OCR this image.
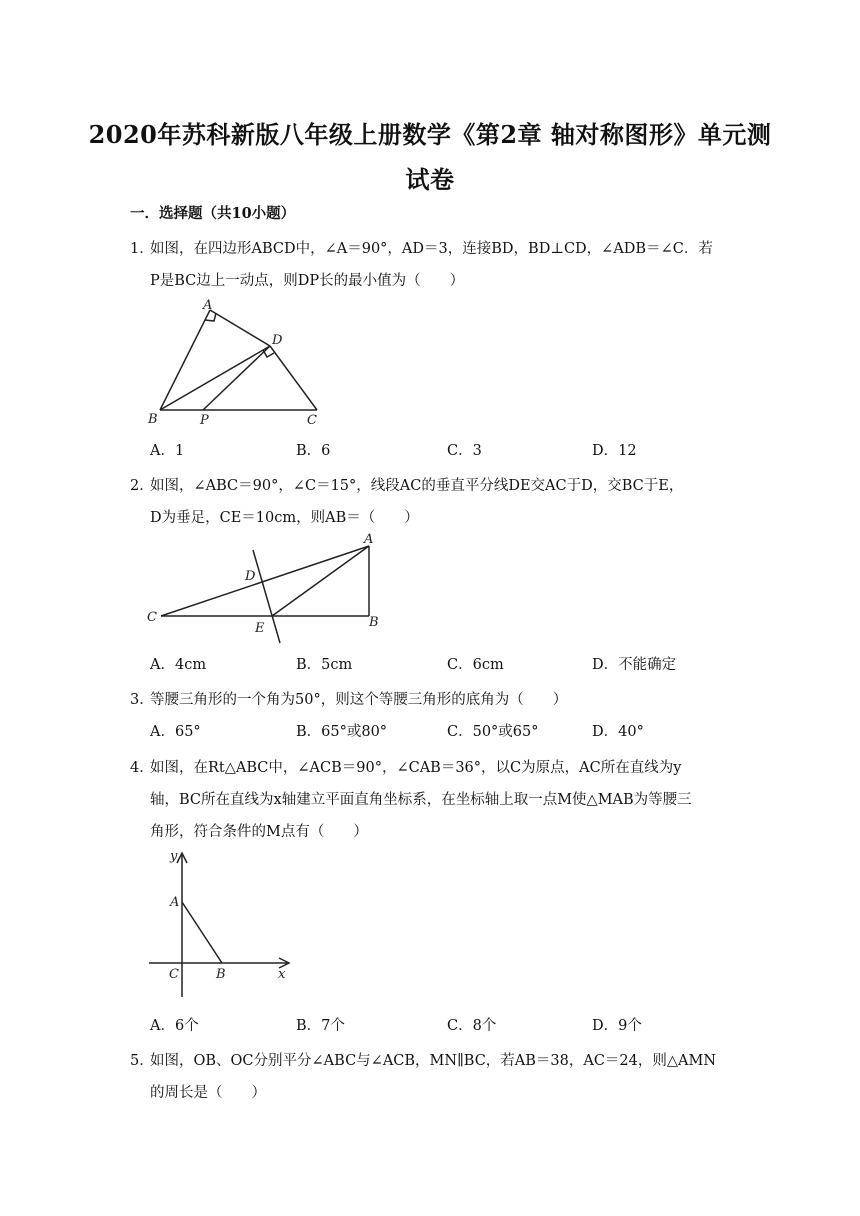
2020年苏科新版八年级上册数学《第2章 轴对称图形》单元测
试卷
一．选择题（共10小题）
1．
如图，在四边形ABCD中，∠A＝90°，AD＝3，连接BD，BD⊥CD，∠ADB＝∠C．若
P是BC边上一动点，则DP长的最小值为（　　）
A
D
B	P	C
A．1	B．6	C．3	D．12
2．
如图，∠ABC＝90°，∠C＝15°，线段AC的垂直平分线DE交AC于D，交BC于E，
D为垂足，CE＝10cm，则AB＝（　　）
A
D
C
E	B
A．4cm	B．5cm	C．6cm	D．不能确定
3．
等腰三角形的一个角为50°，则这个等腰三角形的底角为（　　）
A．65°	B．65°或80°	C．50°或65°	D．40°
4．
如图，在Rt△ABC中，∠ACB＝90°，∠CAB＝36°，以C为原点，AC所在直线为y
轴，BC所在直线为x轴建立平面直角坐标系，在坐标轴上取一点M使△MAB为等腰三
角形，符合条件的M点有（　　）
y
A
C	B	x
A．6个	B．7个	C．8个	D．9个
5．
如图，OB、OC分别平分∠ABC与∠ACB，MN∥BC，若AB＝38，AC＝24，则△AMN
的周长是（　　）
